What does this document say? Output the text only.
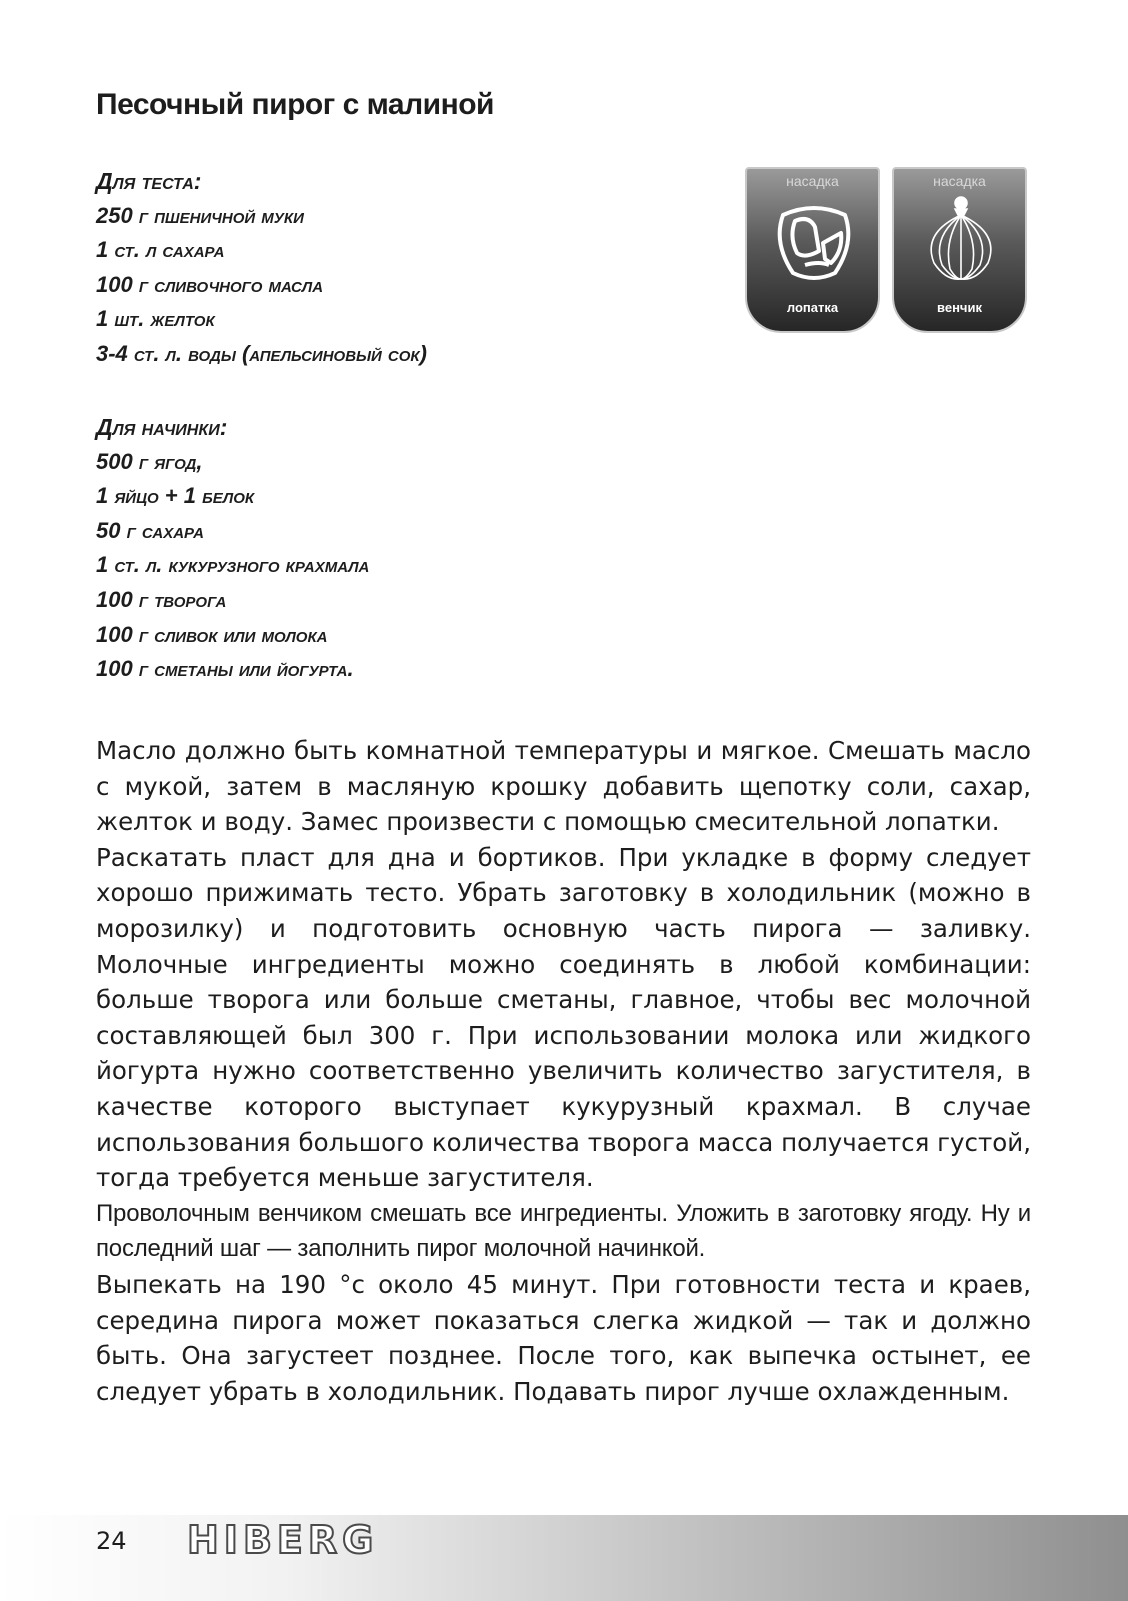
Песочный пирог с малиной
Для теста:
250 г пшеничной муки
1 ст. л сахара
100 г сливочного масла
1 шт. желток
3-4 ст. л. воды (апельсиновый сок)
Для начинки:
500 г ягод,
1 яйцо + 1 белок
50 г сахара
1 ст. л. кукурузного крахмала
100 г творога
100 г сливок или молока
100 г сметаны или йогурта.
насадка
лопатка
насадка
венчик

Масло должно быть комнатной температуры и мягкое. Смешать масло с мукой, затем в масляную крошку добавить щепотку соли, сахар, желток и воду. Замес произвести с помощью смесительной лопатки.

Раскатать пласт для дна и бортиков. При укладке в форму следует хорошо прижимать тесто. Убрать заготовку в холодильник (можно в морозилку) и подготовить основную часть пирога — заливку. Молочные ингредиенты можно соединять в любой комбинации: больше творога или больше сметаны, главное, чтобы вес молочной составляющей был 300 г. При использовании молока или жидкого йогурта нужно соответственно увеличить количество загустителя, в качестве которого выступает кукурузный крахмал. В случае использования большого количества творога масса получается густой, тогда требуется меньше загустителя.

Проволочным венчиком смешать все ингредиенты. Уложить в заготовку ягоду. Ну и последний шаг — заполнить пирог молочной начинкой.

Выпекать на 190 °с около 45 минут. При готовности теста и краев, середина пирога может показаться слегка жидкой — так и должно быть. Она загустеет позднее. После того, как выпечка остынет, ее следует убрать в холодильник. Подавать пирог лучше охлажденным.

24 HIBERG
